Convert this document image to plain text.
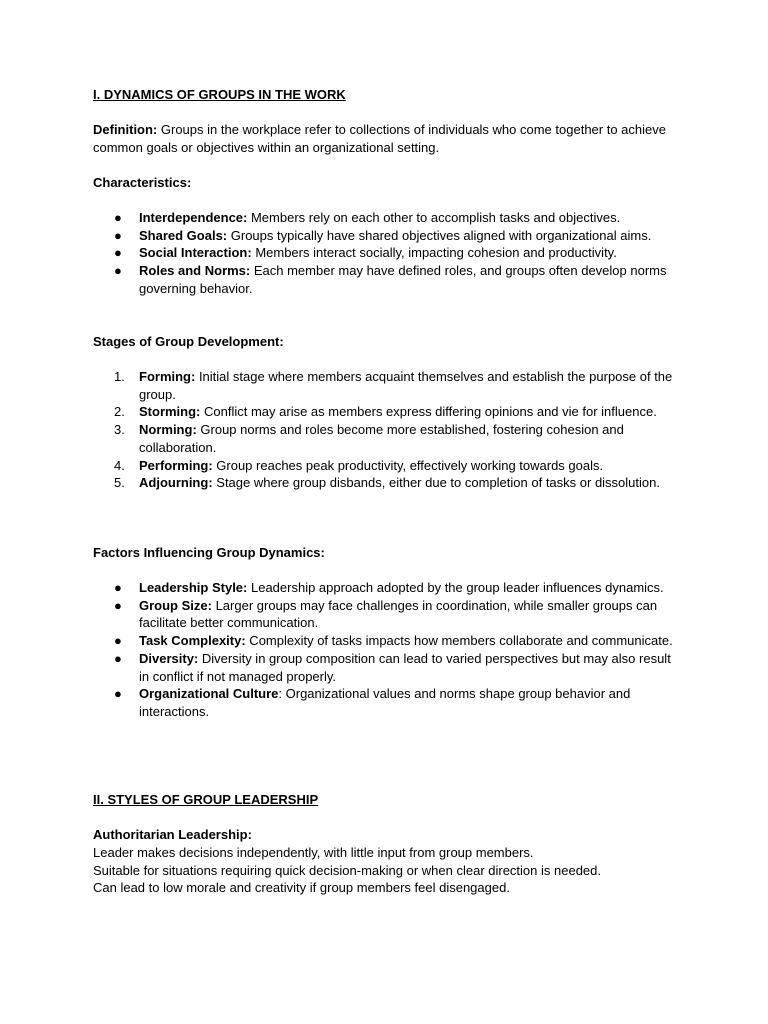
I. DYNAMICS OF GROUPS IN THE WORK

Definition: Groups in the workplace refer to collections of individuals who come together to achieve common goals or objectives within an organizational setting.

Characteristics:

● Interdependence: Members rely on each other to accomplish tasks and objectives.
● Shared Goals: Groups typically have shared objectives aligned with organizational aims.
● Social Interaction: Members interact socially, impacting cohesion and productivity.
● Roles and Norms: Each member may have defined roles, and groups often develop norms governing behavior.

Stages of Group Development:

1. Forming: Initial stage where members acquaint themselves and establish the purpose of the group.
2. Storming: Conflict may arise as members express differing opinions and vie for influence.
3. Norming: Group norms and roles become more established, fostering cohesion and collaboration.
4. Performing: Group reaches peak productivity, effectively working towards goals.
5. Adjourning: Stage where group disbands, either due to completion of tasks or dissolution.

Factors Influencing Group Dynamics:

● Leadership Style: Leadership approach adopted by the group leader influences dynamics.
● Group Size: Larger groups may face challenges in coordination, while smaller groups can facilitate better communication.
● Task Complexity: Complexity of tasks impacts how members collaborate and communicate.
● Diversity: Diversity in group composition can lead to varied perspectives but may also result in conflict if not managed properly.
● Organizational Culture: Organizational values and norms shape group behavior and interactions.

II. STYLES OF GROUP LEADERSHIP

Authoritarian Leadership:

Leader makes decisions independently, with little input from group members.
Suitable for situations requiring quick decision-making or when clear direction is needed.
Can lead to low morale and creativity if group members feel disengaged.
